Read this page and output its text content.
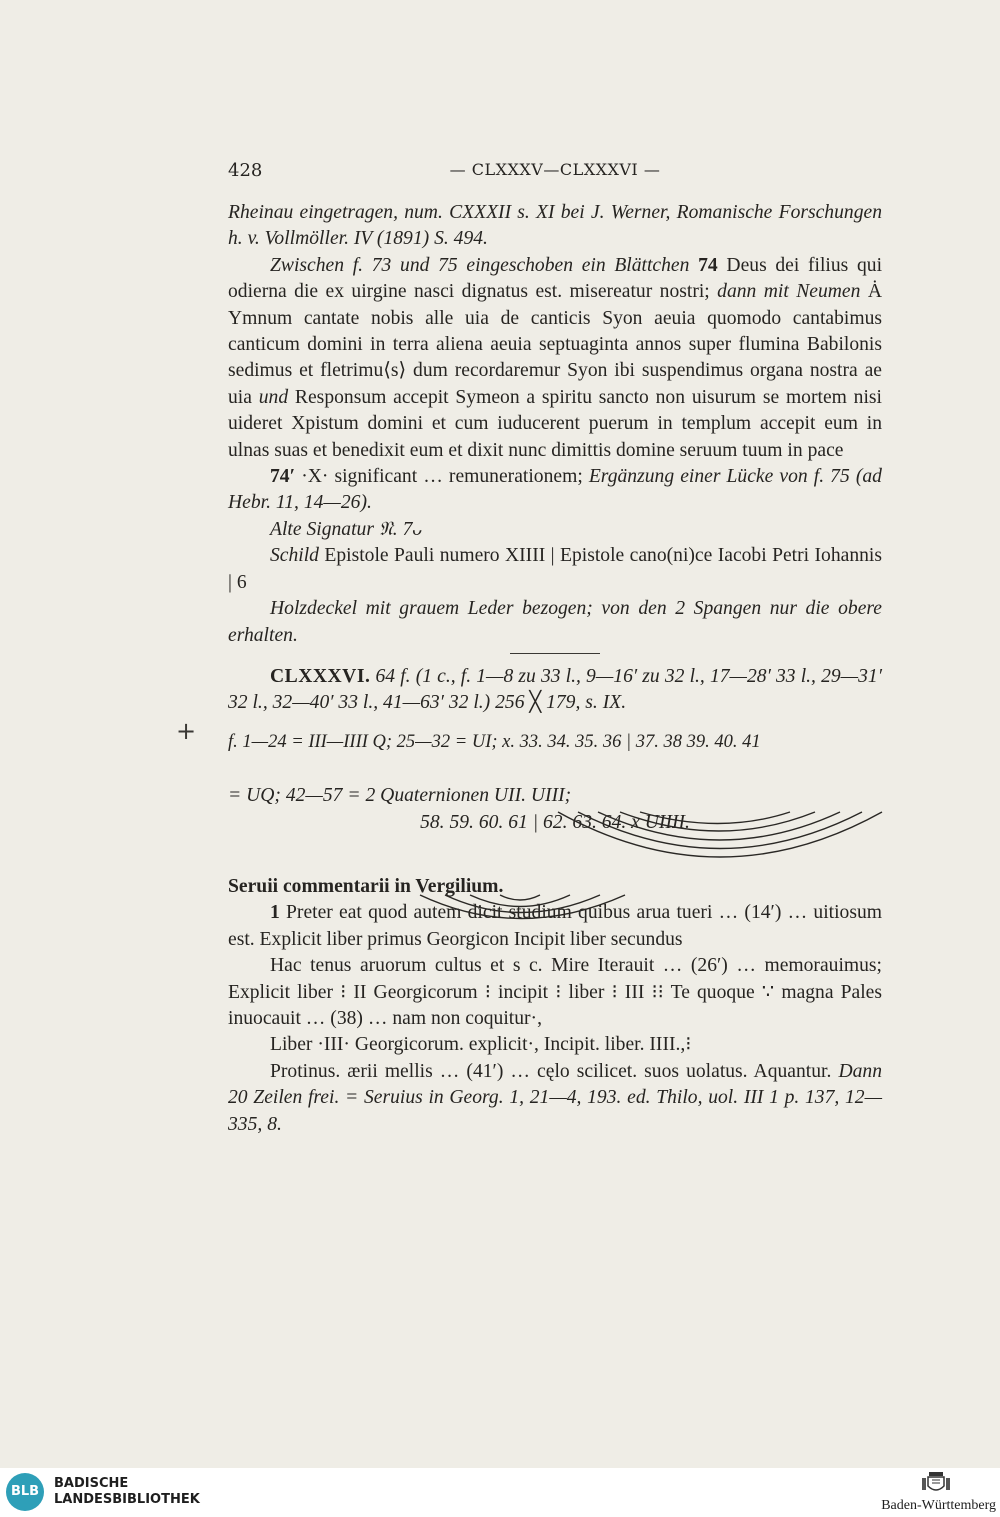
428	— CLXXXV—CLXXXVI —
+

Rheinau eingetragen, num. CXXXII s. XI bei J. Werner, Romanische Forschungen h. v. Vollmöller. IV (1891) S. 494.

Zwischen f. 73 und 75 eingeschoben ein Blättchen 74 Deus dei filius qui odierna die ex uirgine nasci dignatus est. misereatur nostri; dann mit Neumen Ȧ Ymnum cantate nobis alle uia de canticis Syon aeuia quomodo cantabimus canticum domini in terra aliena aeuia septuaginta annos super flumina Babilonis sedimus et fletrimu⟨s⟩ dum recordaremur Syon ibi suspendimus organa nostra ae uia und Responsum accepit Symeon a spiritu sancto non uisurum se mortem nisi uideret Xpistum domini et cum iuducerent puerum in templum accepit eum in ulnas suas et benedixit eum et dixit nunc dimittis domine seruum tuum in pace

74′ ·X· significant … remunerationem; Ergänzung einer Lücke von f. 75 (ad Hebr. 11, 14—26).

Alte Signatur 𝔑. 7ᴗ

Schild Epistole Pauli numero XIIII | Epistole cano(ni)ce Iacobi Petri Iohannis | 6

Holzdeckel mit grauem Leder bezogen; von den 2 Spangen nur die obere erhalten.

CLXXXVI. 64 f. (1 c., f. 1—8 zu 33 l., 9—16′ zu 32 l., 17—28′ 33 l., 29—31′ 32 l., 32—40′ 33 l., 41—63′ 32 l.) 256 ╳ 179, s. IX.

f. 1—24 = III—IIII Q; 25—32 = UI; x. 33. 34. 35. 36 | 37. 38 39. 40. 41

= UQ; 42—57 = 2 Quaternionen UII. UIII;

58. 59. 60. 61 | 62. 63. 64. x UIIII.

Seruii commentarii in Vergilium.

1 Preter eat quod autem dicit studium quibus arua tueri … (14′) … uitiosum est. Explicit liber primus Georgicon Incipit liber secundus

Hac tenus aruorum cultus et s c. Mire Iterauit … (26′) … memorauimus; Explicit liber ⁝ II Georgicorum ⁝ incipit ⁝ liber ⁝ III ⁝⁝ Te quoque ∵ magna Pales inuocauit … (38) … nam non coquitur·,

Liber ·III· Georgicorum. explicit·, Incipit. liber. IIII.,⁝

Protinus. ærii mellis … (41′) … cęlo scilicet. suos uolatus. Aquantur. Dann 20 Zeilen frei. = Seruius in Georg. 1, 21—4, 193. ed. Thilo, uol. III 1 p. 137, 12—335, 8.

BLB
BADISCHE
LANDESBIBLIOTHEK	Baden-Württemberg
